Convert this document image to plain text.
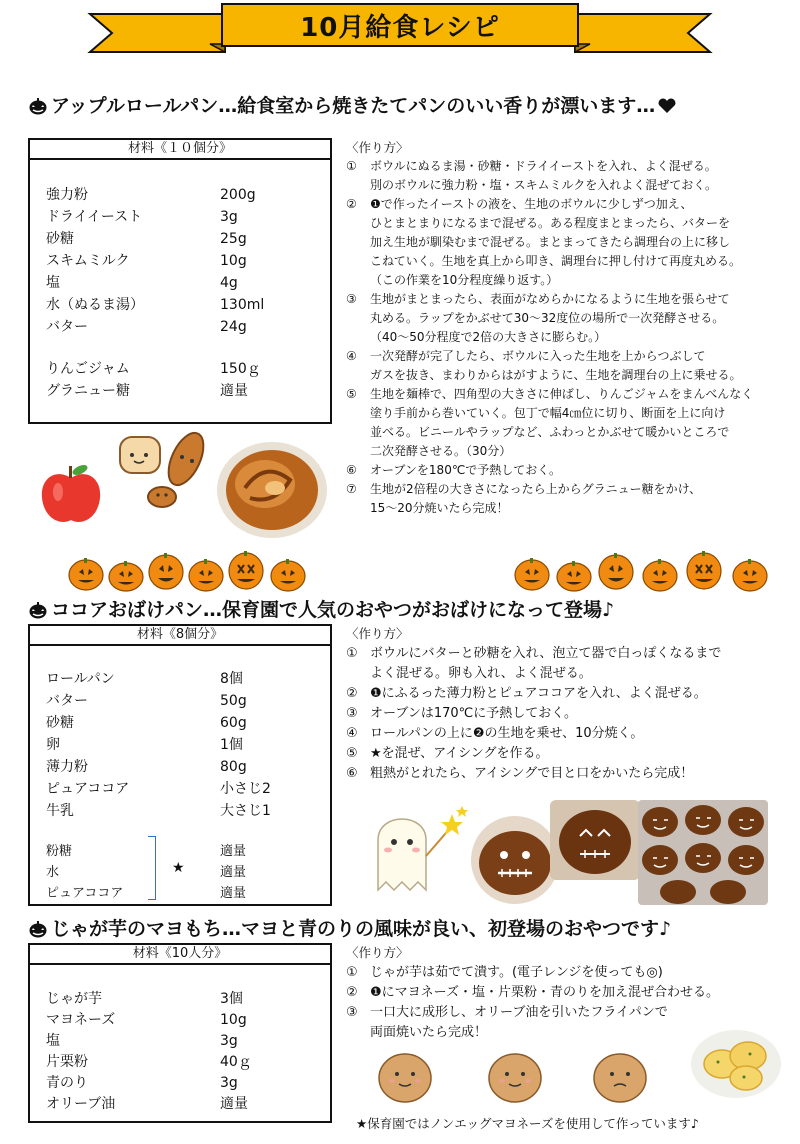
10月給食レシピ
アップルロールパン…給食室から焼きたてパンのいい香りが漂います…
材料《１０個分》
強力粉	200g
ドライイースト	3g
砂糖	25g
スキムミルク	10g
塩	4g
水（ぬるま湯）	130ml
バター	24g
りんごジャム	150ｇ
グラニュー糖	適量
〈作り方〉
① ボウルにぬるま湯・砂糖・ドライイーストを入れ、よく混ぜる。
別のボウルに強力粉・塩・スキムミルクを入れよく混ぜておく。
② ❶で作ったイーストの液を、生地のボウルに少しずつ加え、
ひとまとまりになるまで混ぜる。ある程度まとまったら、バターを
加え生地が馴染むまで混ぜる。まとまってきたら調理台の上に移し
こねていく。生地を真上から叩き、調理台に押し付けて再度丸める。
（この作業を10分程度繰り返す。）
③ 生地がまとまったら、表面がなめらかになるように生地を張らせて
丸める。ラップをかぶせて30～32度位の場所で一次発酵させる。
（40～50分程度で2倍の大きさに膨らむ。）
④ 一次発酵が完了したら、ボウルに入った生地を上からつぶして
ガスを抜き、まわりからはがすように、生地を調理台の上に乗せる。
⑤ 生地を麺棒で、四角型の大きさに伸ばし、りんごジャムをまんべんなく
塗り手前から巻いていく。包丁で幅4㎝位に切り、断面を上に向け
並べる。ビニールやラップなど、ふわっとかぶせて暖かいところで
二次発酵させる。（30分）
⑥ オーブンを180℃で予熱しておく。
⑦ 生地が2倍程の大きさになったら上からグラニュー糖をかけ、
15～20分焼いたら完成！
ココアおばけパン…保育園で人気のおやつがおばけになって登場♪
材料《8個分》
ロールパン	8個
バター	50g
砂糖	60g
卵	1個
薄力粉	80g
ピュアココア	小さじ2
牛乳	大さじ1
粉糖	適量
水	適量
ピュアココア	適量
★
〈作り方〉
① ボウルにバターと砂糖を入れ、泡立て器で白っぽくなるまで
よく混ぜる。卵も入れ、よく混ぜる。
② ❶にふるった薄力粉とピュアココアを入れ、よく混ぜる。
③ オーブンは170℃に予熱しておく。
④ ロールパンの上に❷の生地を乗せ、10分焼く。
⑤ ★を混ぜ、アイシングを作る。
⑥ 粗熱がとれたら、アイシングで目と口をかいたら完成！
じゃが芋のマヨもち…マヨと青のりの風味が良い、初登場のおやつです♪
材料《10人分》
じゃが芋	3個
マヨネーズ	10g
塩	3g
片栗粉	40ｇ
青のり	3g
オリーブ油	適量
〈作り方〉
① じゃが芋は茹でて潰す。(電子レンジを使っても◎)
② ❶にマヨネーズ・塩・片栗粉・青のりを加え混ぜ合わせる。
③ 一口大に成形し、オリーブ油を引いたフライパンで
両面焼いたら完成！
★保育園ではノンエッグマヨネーズを使用して作っています♪
